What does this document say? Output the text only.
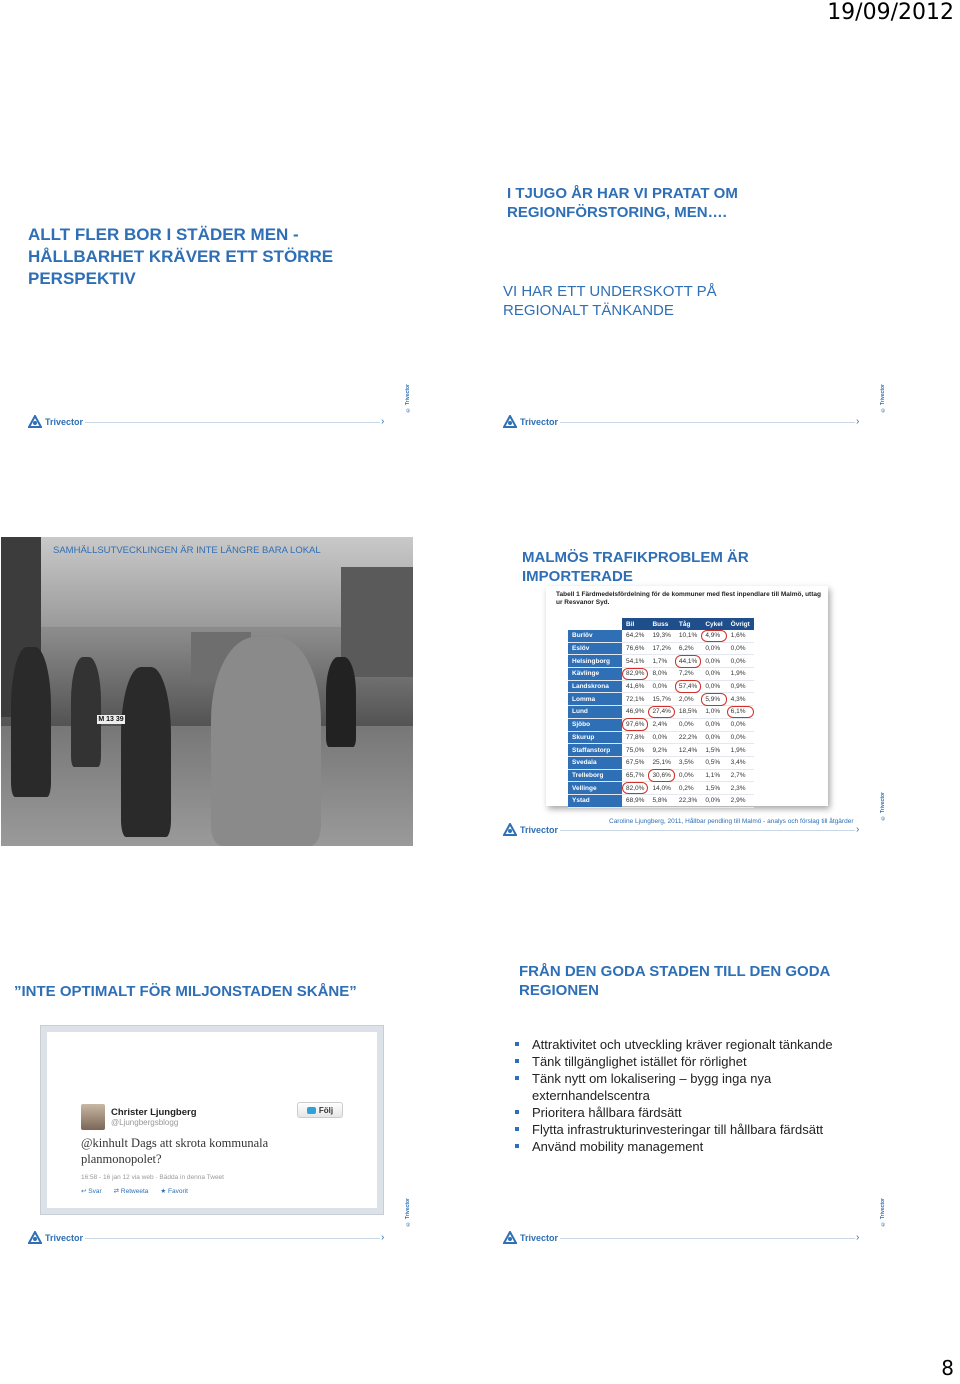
19/09/2012
ALLT FLER BOR I STÄDER MEN -
HÅLLBARHET KRÄVER ETT STÖRRE
PERSPEKTIV
© Trivector
Trivector	›
I TJUGO ÅR HAR VI PRATAT OM
REGIONFÖRSTORING, MEN….
VI HAR ETT UNDERSKOTT PÅ
REGIONALT TÄNKANDE
© Trivector
Trivector	›
M 13 39
SAMHÄLLSUTVECKLINGEN ÄR INTE LÄNGRE BARA LOKAL	MALMÖS TRAFIKPROBLEM ÄR
IMPORTERADE
Tabell 1 Färdmedelsfördelning för de kommuner med flest inpendlare till Malmö, uttag
ur Resvanor Syd.
	Bil	Buss	Tåg	Cykel	Övrigt
Burlöv	64,2%	19,3%	10,1%	4,9%	1,6%
Eslöv	76,6%	17,2%	6,2%	0,0%	0,0%
Helsingborg	54,1%	1,7%	44,1%	0,0%	0,0%
Kävlinge	82,9%	8,0%	7,2%	0,0%	1,9%
Landskrona	41,6%	0,0%	57,4%	0,0%	0,9%
Lomma	72,1%	15,7%	2,0%	5,9%	4,3%
Lund	46,9%	27,4%	18,5%	1,0%	6,1%
Sjöbo	97,6%	2,4%	0,0%	0,0%	0,0%
Skurup	77,8%	0,0%	22,2%	0,0%	0,0%
Staffanstorp	75,0%	9,2%	12,4%	1,5%	1,9%
Svedala	67,5%	25,1%	3,5%	0,5%	3,4%
Trelleborg	65,7%	30,6%	0,0%	1,1%	2,7%
Vellinge	82,0%	14,0%	0,2%	1,5%	2,3%
Ystad	68,9%	5,8%	22,3%	0,0%	2,9%
Caroline Ljungberg, 2011, Hållbar pendling till Malmö - analys och förslag till åtgärder
© Trivector
Trivector	›
”INTE OPTIMALT FÖR MILJONSTADEN SKÅNE”
Christer Ljungberg
@Ljungbergsblogg
Följ
@kinhult Dags att skrota kommunala
planmonopolet?
16:58 - 16 jan 12 via web · Bädda in denna Tweet
↩ Svar ⇄ Retweeta ★ Favorit
© Trivector
Trivector	›
FRÅN DEN GODA STADEN TILL DEN GODA
REGIONEN
Attraktivitet och utveckling kräver regionalt tänkande
Tänk tillgänglighet istället för rörlighet
Tänk nytt om lokalisering – bygg inga nya externhandelscentra
Prioritera hållbara färdsätt
Flytta infrastrukturinvesteringar till hållbara färdsätt
Använd mobility management
© Trivector
Trivector	›
8
